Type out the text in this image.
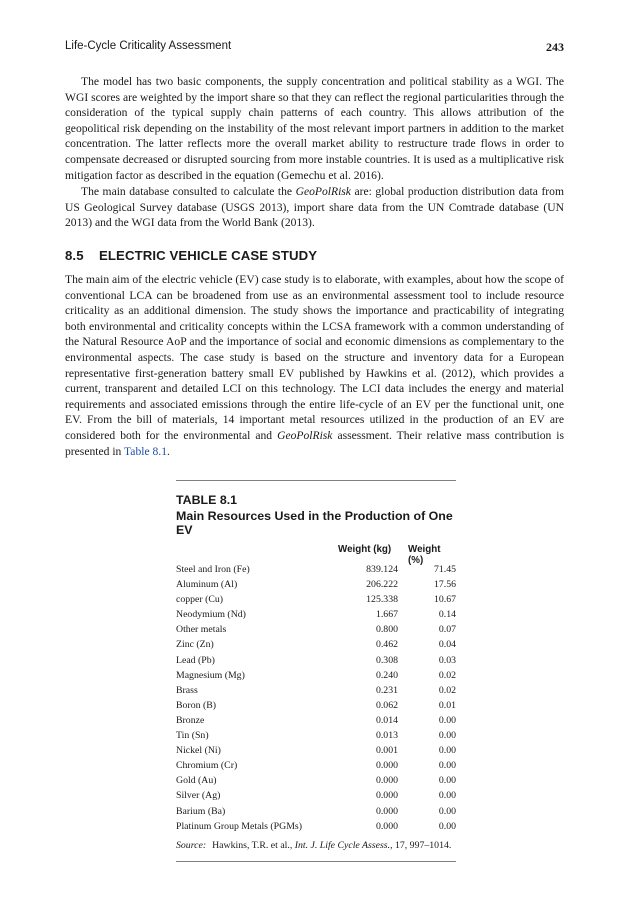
Life-Cycle Criticality Assessment	243

The model has two basic components, the supply concentration and political stability as a WGI. The WGI scores are weighted by the import share so that they can reflect the regional particularities through the consideration of the typical supply chain patterns of each country. This allows attribution of the geopolitical risk depending on the instability of the most relevant import partners in addition to the market concentration. The latter reflects more the overall market ability to restructure trade flows in order to compensate decreased or disrupted sourcing from more instable countries. It is used as a multiplicative risk mitigation factor as described in the equation (Gemechu et al. 2016).

The main database consulted to calculate the GeoPolRisk are: global production distribution data from US Geological Survey database (USGS 2013), import share data from the UN Comtrade database (UN 2013) and the WGI data from the World Bank (2013).

8.5 ELECTRIC VEHICLE CASE STUDY

The main aim of the electric vehicle (EV) case study is to elaborate, with examples, about how the scope of conventional LCA can be broadened from use as an environmental assessment tool to include resource criticality as an additional dimension. The study shows the importance and practicability of integrating both environmental and criticality concepts within the LCSA framework with a common understanding of the Natural Resource AoP and the importance of social and economic dimensions as complementary to the environmental aspects. The case study is based on the structure and inventory data for a European representative first-generation battery small EV published by Hawkins et al. (2012), which provides a current, transparent and detailed LCI on this technology. The LCI data includes the energy and material requirements and associated emissions through the entire life-cycle of an EV per the functional unit, one EV. From the bill of materials, 14 important metal resources utilized in the production of an EV are considered both for the environmental and GeoPolRisk assessment. Their relative mass contribution is presented in Table 8.1.

TABLE 8.1
Main Resources Used in the Production of One EV
Weight (kg) Weight (%)
Steel and Iron (Fe)	839.124	71.45
Aluminum (Al)	206.222	17.56
copper (Cu)	125.338	10.67
Neodymium (Nd)	1.667	0.14
Other metals	0.800	0.07
Zinc (Zn)	0.462	0.04
Lead (Pb)	0.308	0.03
Magnesium (Mg)	0.240	0.02
Brass	0.231	0.02
Boron (B)	0.062	0.01
Bronze	0.014	0.00
Tin (Sn)	0.013	0.00
Nickel (Ni)	0.001	0.00
Chromium (Cr)	0.000	0.00
Gold (Au)	0.000	0.00
Silver (Ag)	0.000	0.00
Barium (Ba)	0.000	0.00
Platinum Group Metals (PGMs)	0.000	0.00
Source: Hawkins, T.R. et al., Int. J. Life Cycle Assess., 17, 997–1014.
